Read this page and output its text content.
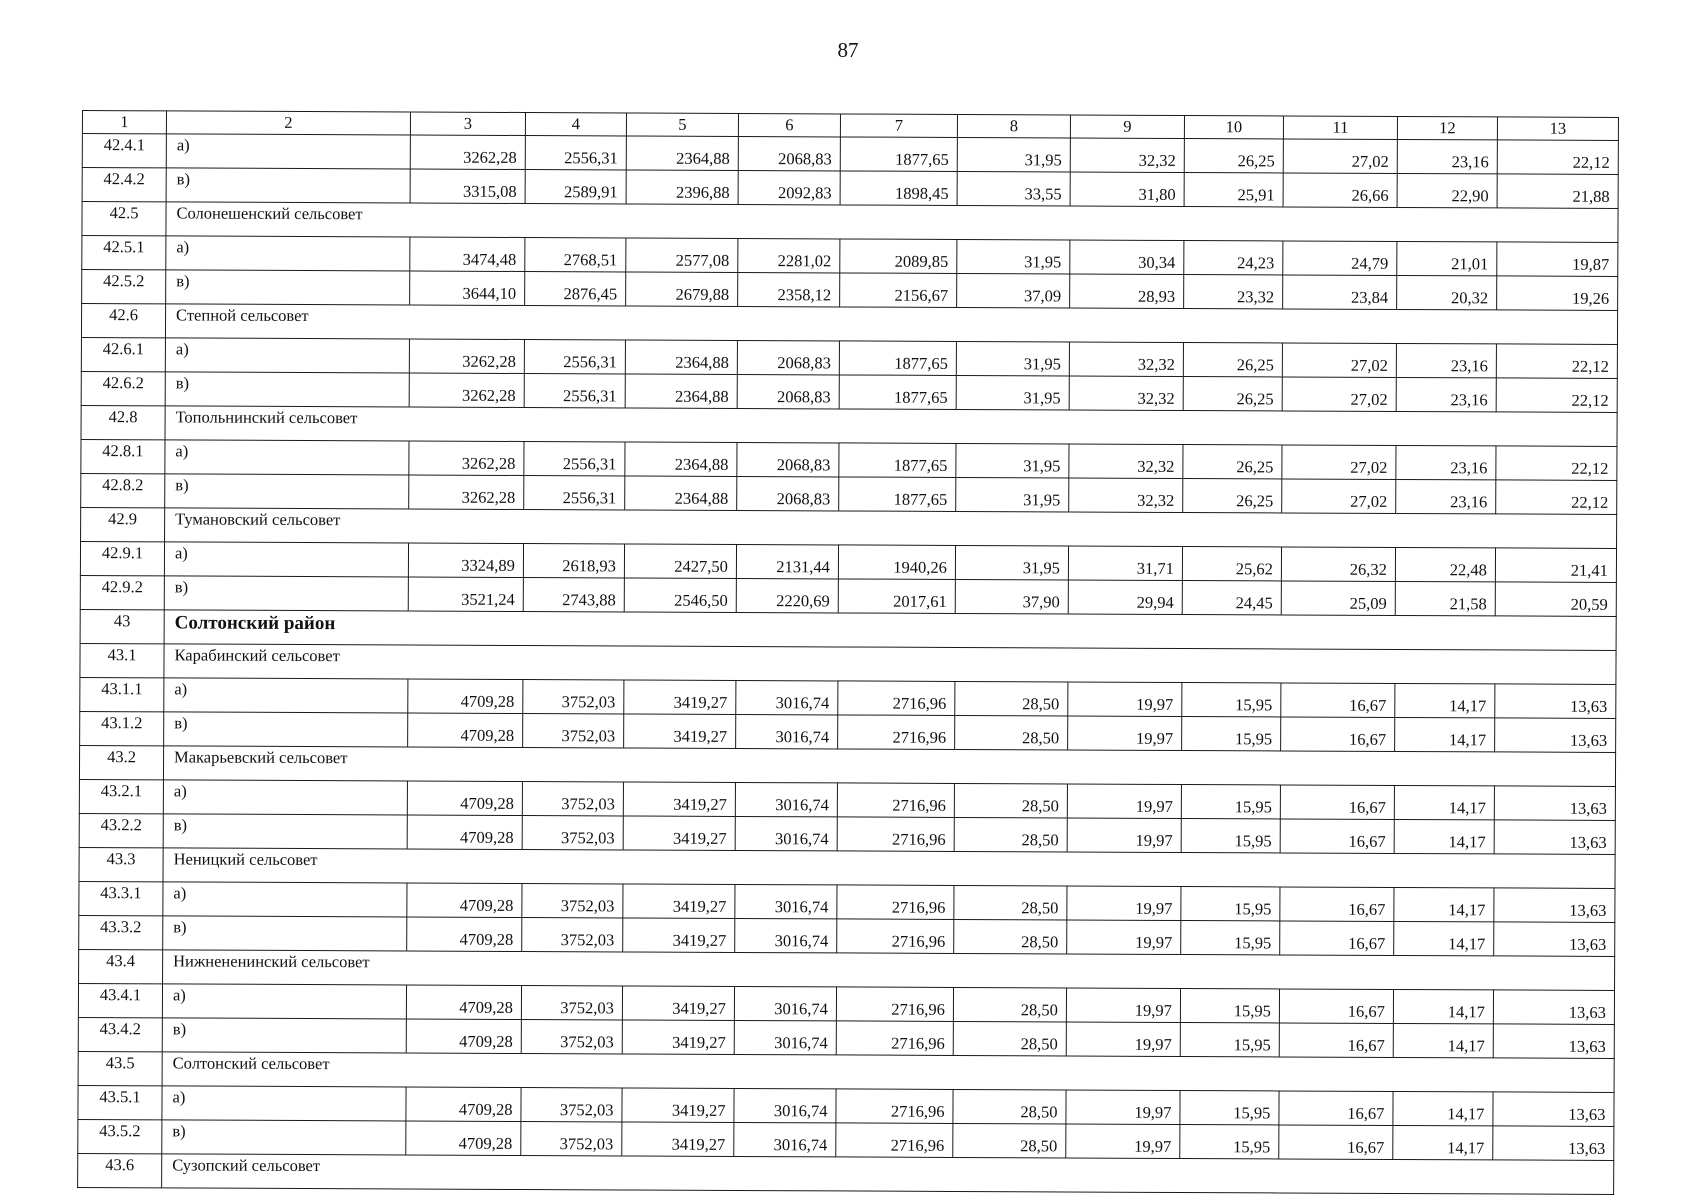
87
1	2	3	4	5	6	7	8	9	10	11	12	13
42.4.1	а)	3262,28	2556,31	2364,88	2068,83	1877,65	31,95	32,32	26,25	27,02	23,16	22,12
42.4.2	в)	3315,08	2589,91	2396,88	2092,83	1898,45	33,55	31,80	25,91	26,66	22,90	21,88
42.5	Солонешенский сельсовет											
42.5.1	а)	3474,48	2768,51	2577,08	2281,02	2089,85	31,95	30,34	24,23	24,79	21,01	19,87
42.5.2	в)	3644,10	2876,45	2679,88	2358,12	2156,67	37,09	28,93	23,32	23,84	20,32	19,26
42.6	Степной сельсовет											
42.6.1	а)	3262,28	2556,31	2364,88	2068,83	1877,65	31,95	32,32	26,25	27,02	23,16	22,12
42.6.2	в)	3262,28	2556,31	2364,88	2068,83	1877,65	31,95	32,32	26,25	27,02	23,16	22,12
42.8	Топольнинский сельсовет											
42.8.1	а)	3262,28	2556,31	2364,88	2068,83	1877,65	31,95	32,32	26,25	27,02	23,16	22,12
42.8.2	в)	3262,28	2556,31	2364,88	2068,83	1877,65	31,95	32,32	26,25	27,02	23,16	22,12
42.9	Тумановский сельсовет											
42.9.1	а)	3324,89	2618,93	2427,50	2131,44	1940,26	31,95	31,71	25,62	26,32	22,48	21,41
42.9.2	в)	3521,24	2743,88	2546,50	2220,69	2017,61	37,90	29,94	24,45	25,09	21,58	20,59
43	Солтонский район											
43.1	Карабинский сельсовет											
43.1.1	а)	4709,28	3752,03	3419,27	3016,74	2716,96	28,50	19,97	15,95	16,67	14,17	13,63
43.1.2	в)	4709,28	3752,03	3419,27	3016,74	2716,96	28,50	19,97	15,95	16,67	14,17	13,63
43.2	Макарьевский сельсовет											
43.2.1	а)	4709,28	3752,03	3419,27	3016,74	2716,96	28,50	19,97	15,95	16,67	14,17	13,63
43.2.2	в)	4709,28	3752,03	3419,27	3016,74	2716,96	28,50	19,97	15,95	16,67	14,17	13,63
43.3	Неницкий сельсовет											
43.3.1	а)	4709,28	3752,03	3419,27	3016,74	2716,96	28,50	19,97	15,95	16,67	14,17	13,63
43.3.2	в)	4709,28	3752,03	3419,27	3016,74	2716,96	28,50	19,97	15,95	16,67	14,17	13,63
43.4	Нижнененинский сельсовет											
43.4.1	а)	4709,28	3752,03	3419,27	3016,74	2716,96	28,50	19,97	15,95	16,67	14,17	13,63
43.4.2	в)	4709,28	3752,03	3419,27	3016,74	2716,96	28,50	19,97	15,95	16,67	14,17	13,63
43.5	Солтонский сельсовет											
43.5.1	а)	4709,28	3752,03	3419,27	3016,74	2716,96	28,50	19,97	15,95	16,67	14,17	13,63
43.5.2	в)	4709,28	3752,03	3419,27	3016,74	2716,96	28,50	19,97	15,95	16,67	14,17	13,63
43.6	Сузопский сельсовет											
